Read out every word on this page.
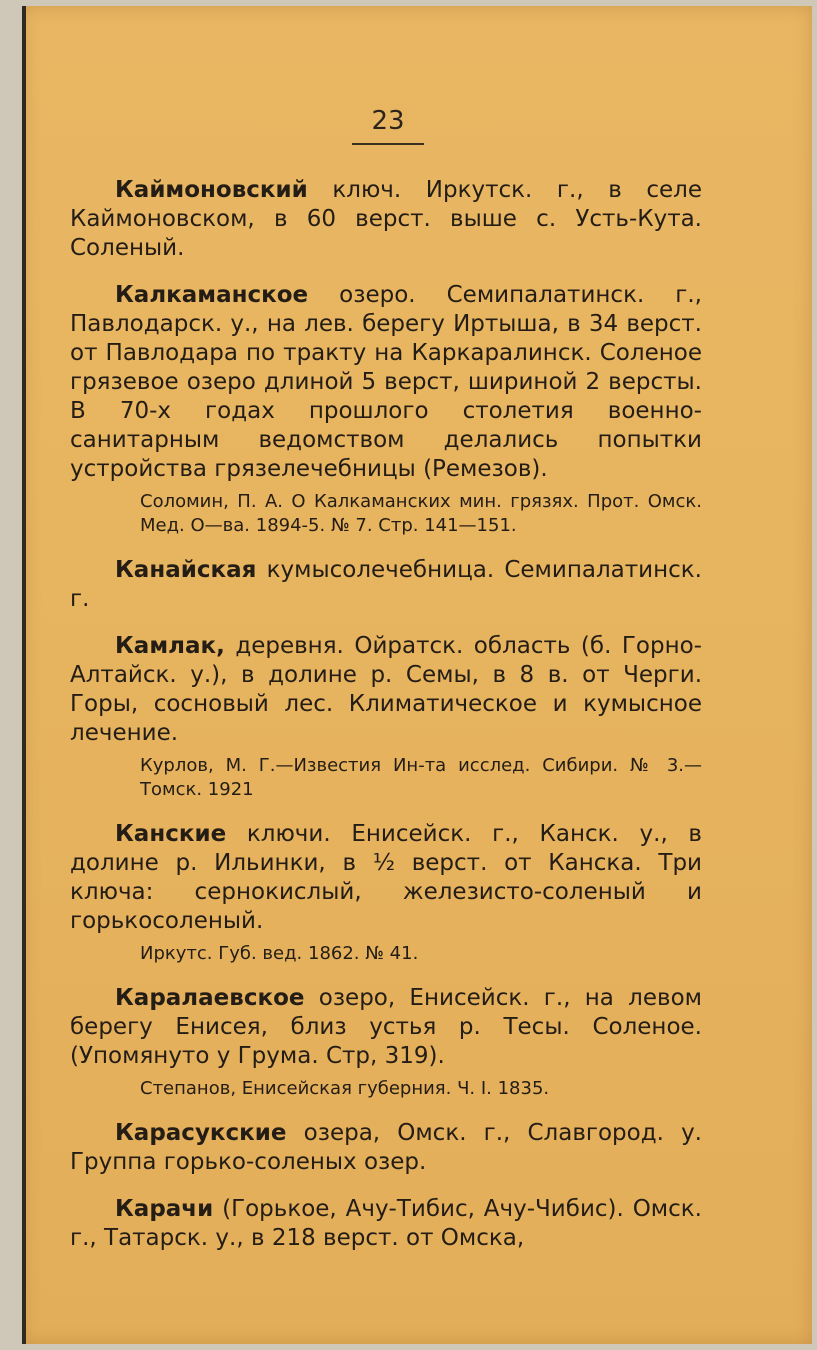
23

Каймоновский ключ. Иркутск. г., в селе Каймоновском, в 60 верст. выше с. Усть-Кута. Соленый.

Калкаманское озеро. Семипалатинск. г., Павлодарск. у., на лев. берегу Иртыша, в 34 верст. от Павлодара по тракту на Каркаралинск. Соленое грязевое озеро длиной 5 верст, шириной 2 версты. В 70-х годах прошлого столетия военно-санитарным ведомством делались попытки устройства грязелечебницы (Ремезов).

Соломин, П. А. О Калкаманских мин. грязях. Прот. Омск. Мед. О—ва. 1894-5. № 7. Стр. 141—151.

Канайская кумысолечебница. Семипалатинск. г.

Камлак, деревня. Ойратск. область (б. Горно-Алтайск. у.), в долине р. Семы, в 8 в. от Черги. Горы, сосновый лес. Климатическое и кумысное лечение.

Курлов, М. Г.—Известия Ин-та исслед. Сибири. № 3.—Томск. 1921

Канские ключи. Енисейск. г., Канск. у., в долине р. Ильинки, в ½ верст. от Канска. Три ключа: сернокислый, железисто-соленый и горькосоленый.

Иркутс. Губ. вед. 1862. № 41.

Каралаевское озеро, Енисейск. г., на левом берегу Енисея, близ устья р. Тесы. Соленое. (Упомянуто у Грума. Стр, 319).

Степанов, Енисейская губерния. Ч. I. 1835.

Карасукские озера, Омск. г., Славгород. у. Группа горько-соленых озер.

Карачи (Горькое, Ачу-Тибис, Ачу-Чибис). Омск. г., Татарск. у., в 218 верст. от Омска,
